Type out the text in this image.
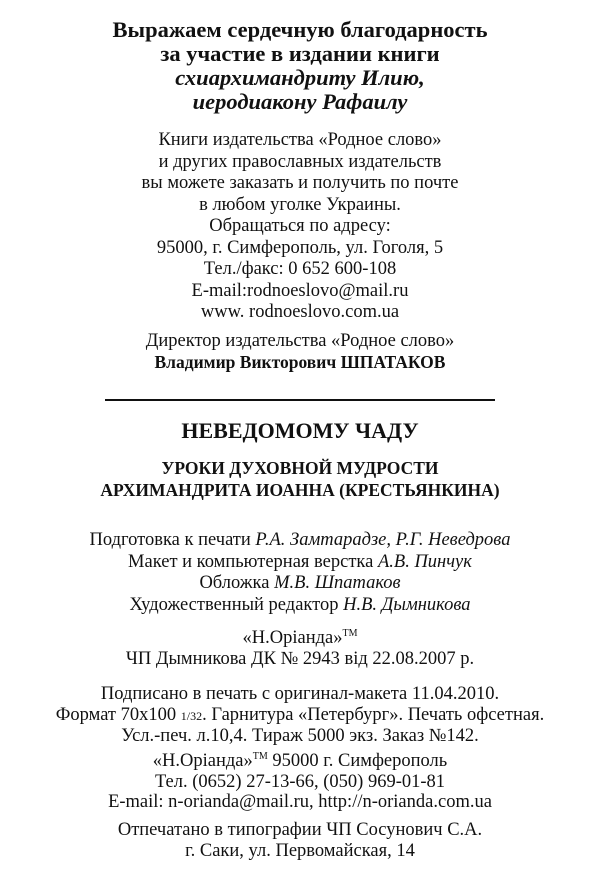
Выражаем сердечную благодарность
за участие в издании книги
схиархимандриту Илию,
иеродиакону Рафаилу
Книги издательства «Родное слово»
и других православных издательств
вы можете заказать и получить по почте
в любом уголке Украины.
Обращаться по адресу:
95000, г. Симферополь, ул. Гоголя, 5
Тел./факс: 0 652 600-108
E-mail:rodnoeslovo@mail.ru
www. rodnoeslovo.com.ua
Директор издательства «Родное слово»
Владимир Викторович ШПАТАКОВ
НЕВЕДОМОМУ ЧАДУ
УРОКИ ДУХОВНОЙ МУДРОСТИ
АРХИМАНДРИТА ИОАННА (КРЕСТЬЯНКИНА)
Подготовка к печати Р.А. Замтарадзе, Р.Г. Неведрова
Макет и компьютерная верстка А.В. Пинчук
Обложка М.В. Шпатаков
Художественный редактор Н.В. Дымникова
«Н.Оріанда»™
ЧП Дымникова ДК № 2943 від 22.08.2007 р.
Подписано в печать с оригинал-макета 11.04.2010.
Формат 70х100 1/32. Гарнитура «Петербург». Печать офсетная.
Усл.-печ. л.10,4. Тираж 5000 экз. Заказ №142.
«Н.Оріанда»™ 95000 г. Симферополь
Тел. (0652) 27-13-66, (050) 969-01-81
E-mail: n-orianda@mail.ru, http://n-orianda.com.ua
Отпечатано в типографии ЧП Сосунович С.А.
г. Саки, ул. Первомайская, 14
